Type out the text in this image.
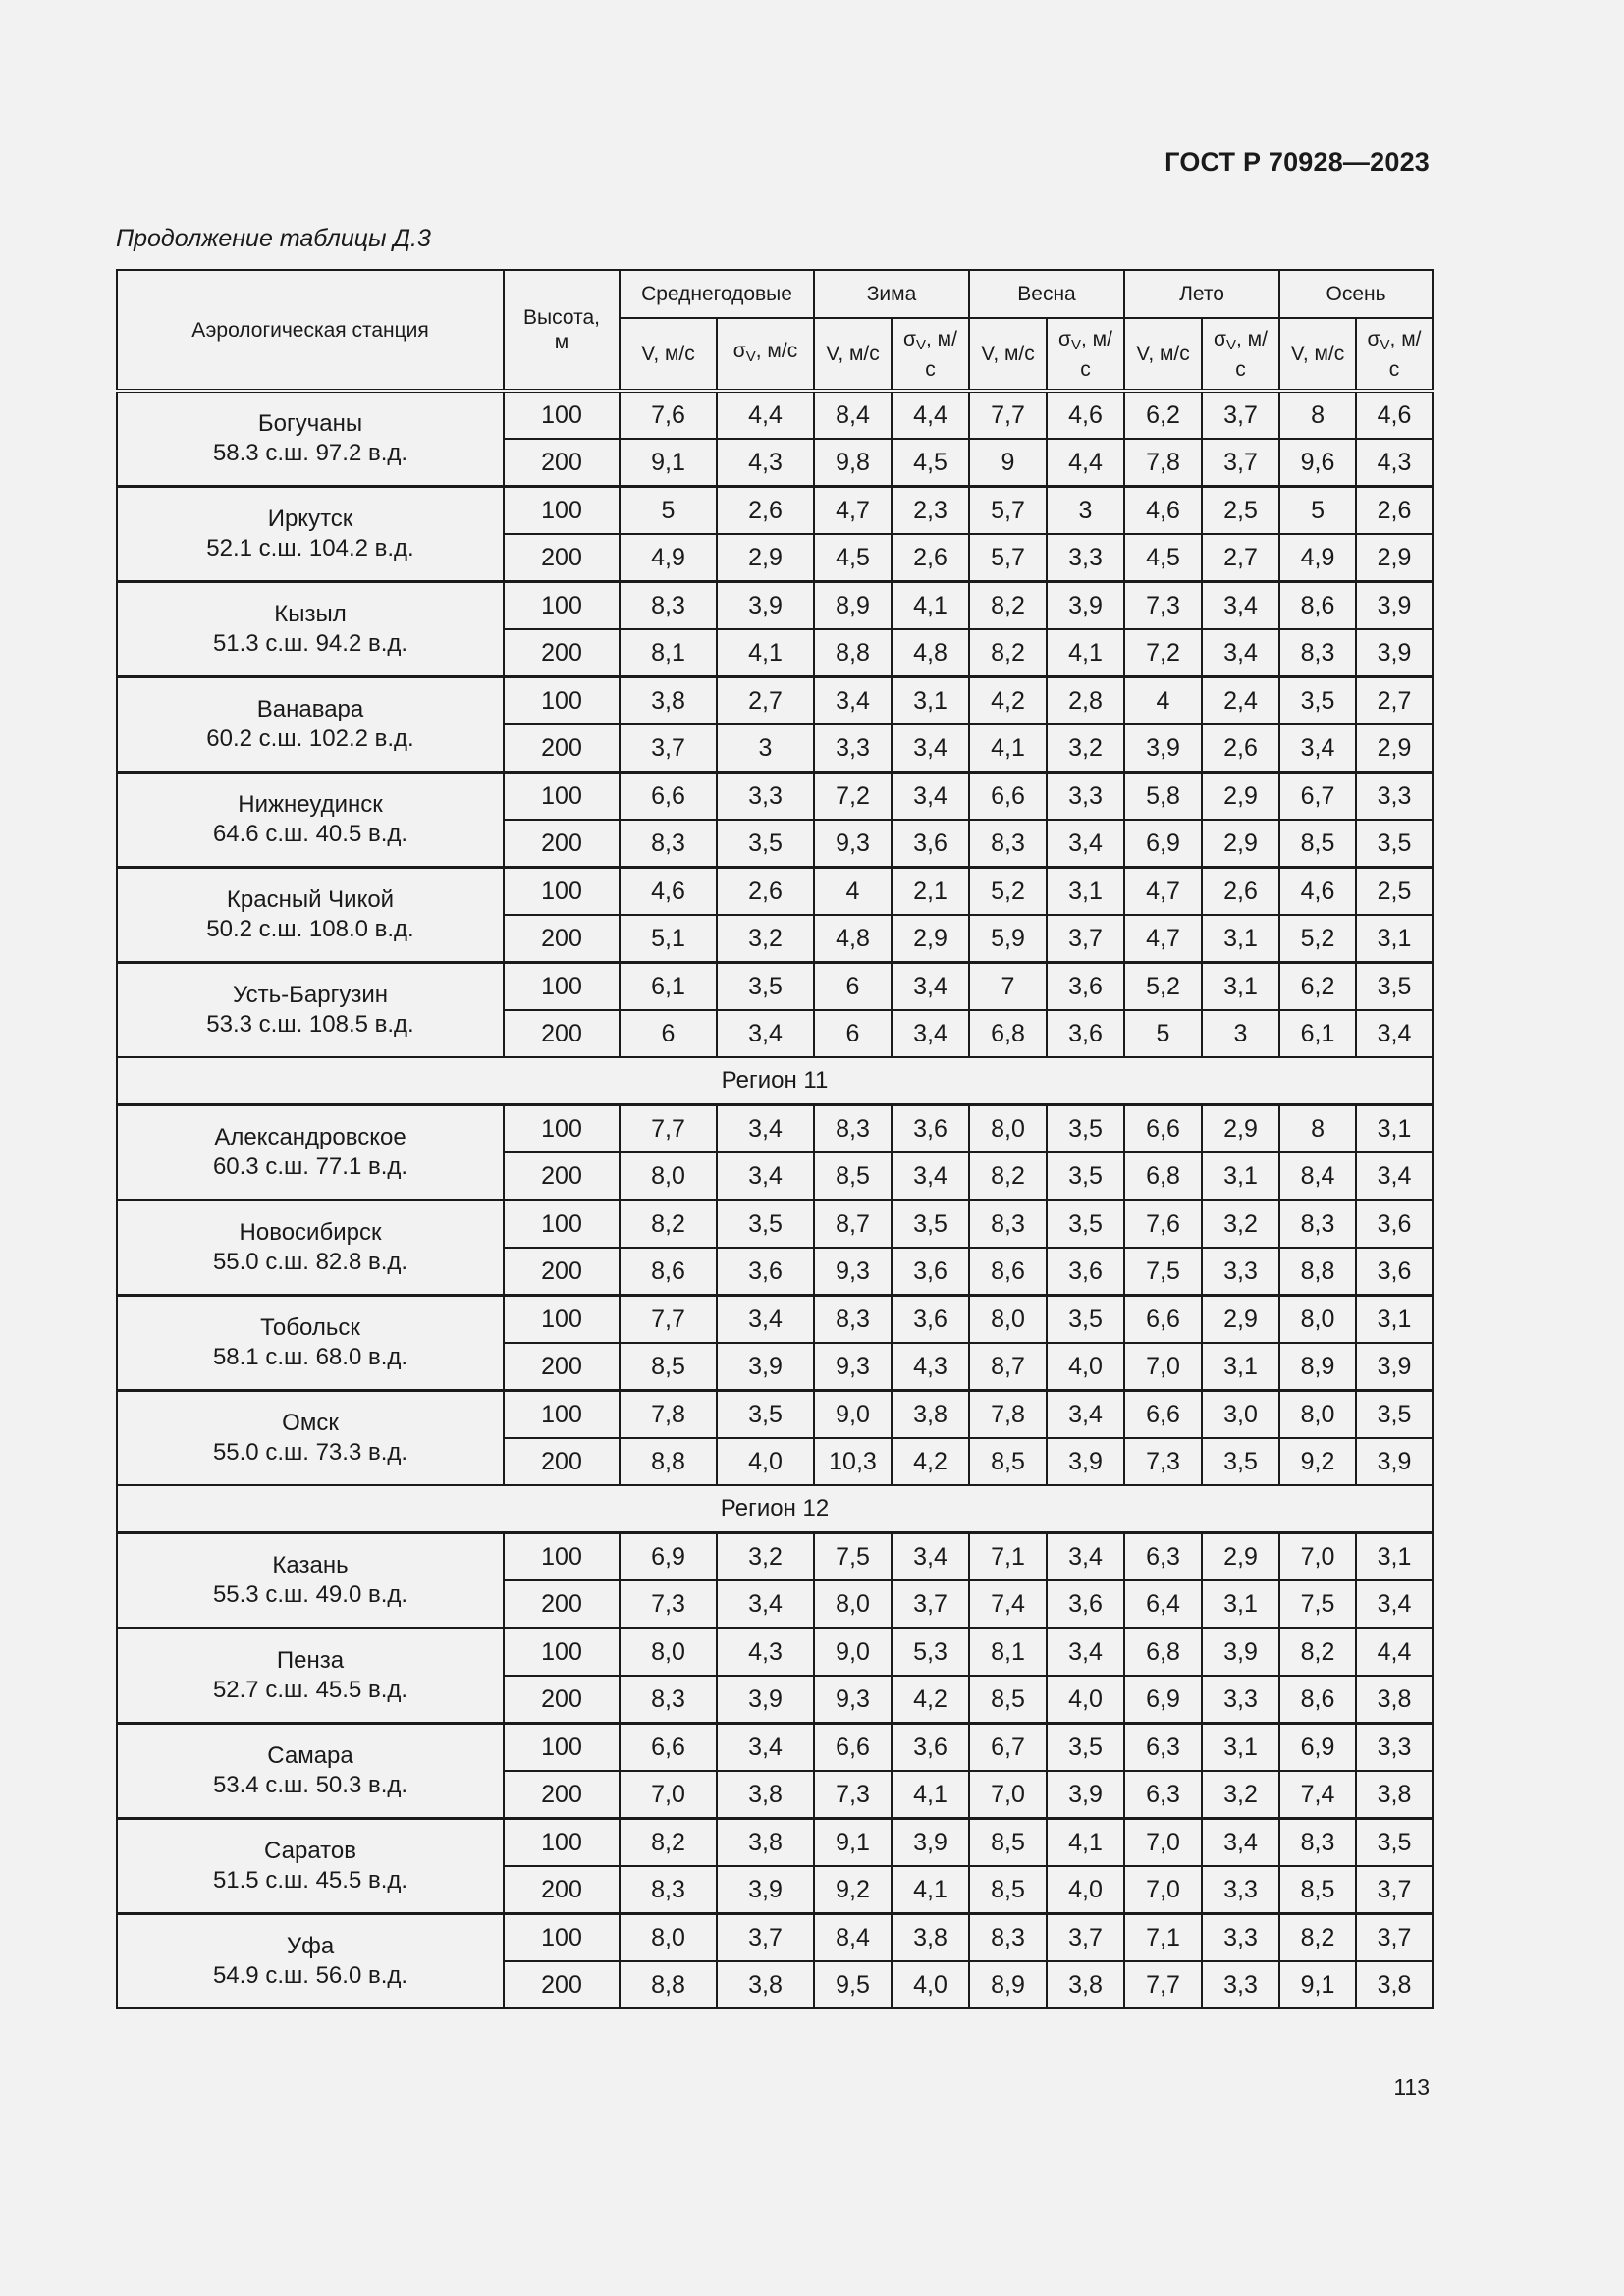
ГОСТ Р 70928—2023
Продолжение таблицы Д.3
Аэрологическая станция	Высота, м	Среднегодовые		Зима		Весна		Лето		Осень	
		V, м/с	$\sigma_V$, м/с	V, м/с	$\sigma_V$, м/с	V, м/с	$\sigma_V$, м/с	V, м/с	$\sigma_V$, м/с	V, м/с	$\sigma_V$, м/с

Богучаны
58.3 с.ш. 97.2 в.д.	100	7,6	4,4	8,4	4,4	7,7	4,6	6,2	3,7	8	4,6
	200	9,1	4,3	9,8	4,5	9	4,4	7,8	3,7	9,6	4,3

Иркутск
52.1 с.ш. 104.2 в.д.	100	5	2,6	4,7	2,3	5,7	3	4,6	2,5	5	2,6
	200	4,9	2,9	4,5	2,6	5,7	3,3	4,5	2,7	4,9	2,9

Кызыл
51.3 с.ш. 94.2 в.д.	100	8,3	3,9	8,9	4,1	8,2	3,9	7,3	3,4	8,6	3,9
	200	8,1	4,1	8,8	4,8	8,2	4,1	7,2	3,4	8,3	3,9

Ванавара
60.2 с.ш. 102.2 в.д.	100	3,8	2,7	3,4	3,1	4,2	2,8	4	2,4	3,5	2,7
	200	3,7	3	3,3	3,4	4,1	3,2	3,9	2,6	3,4	2,9

Нижнеудинск
64.6 с.ш. 40.5 в.д.	100	6,6	3,3	7,2	3,4	6,6	3,3	5,8	2,9	6,7	3,3
	200	8,3	3,5	9,3	3,6	8,3	3,4	6,9	2,9	8,5	3,5

Красный Чикой
50.2 с.ш. 108.0 в.д.	100	4,6	2,6	4	2,1	5,2	3,1	4,7	2,6	4,6	2,5
	200	5,1	3,2	4,8	2,9	5,9	3,7	4,7	3,1	5,2	3,1

Усть-Баргузин
53.3 с.ш. 108.5 в.д.	100	6,1	3,5	6	3,4	7	3,6	5,2	3,1	6,2	3,5
	200	6	3,4	6	3,4	6,8	3,6	5	3	6,1	3,4
Регион 11											

Александровское
60.3 с.ш. 77.1 в.д.	100	7,7	3,4	8,3	3,6	8,0	3,5	6,6	2,9	8	3,1
	200	8,0	3,4	8,5	3,4	8,2	3,5	6,8	3,1	8,4	3,4

Новосибирск
55.0 с.ш. 82.8 в.д.	100	8,2	3,5	8,7	3,5	8,3	3,5	7,6	3,2	8,3	3,6
	200	8,6	3,6	9,3	3,6	8,6	3,6	7,5	3,3	8,8	3,6

Тобольск
58.1 с.ш. 68.0 в.д.	100	7,7	3,4	8,3	3,6	8,0	3,5	6,6	2,9	8,0	3,1
	200	8,5	3,9	9,3	4,3	8,7	4,0	7,0	3,1	8,9	3,9

Омск
55.0 с.ш. 73.3 в.д.	100	7,8	3,5	9,0	3,8	7,8	3,4	6,6	3,0	8,0	3,5
	200	8,8	4,0	10,3	4,2	8,5	3,9	7,3	3,5	9,2	3,9
Регион 12											

Казань
55.3 с.ш. 49.0 в.д.	100	6,9	3,2	7,5	3,4	7,1	3,4	6,3	2,9	7,0	3,1
	200	7,3	3,4	8,0	3,7	7,4	3,6	6,4	3,1	7,5	3,4

Пенза
52.7 с.ш. 45.5 в.д.	100	8,0	4,3	9,0	5,3	8,1	3,4	6,8	3,9	8,2	4,4
	200	8,3	3,9	9,3	4,2	8,5	4,0	6,9	3,3	8,6	3,8

Самара
53.4 с.ш. 50.3 в.д.	100	6,6	3,4	6,6	3,6	6,7	3,5	6,3	3,1	6,9	3,3
	200	7,0	3,8	7,3	4,1	7,0	3,9	6,3	3,2	7,4	3,8

Саратов
51.5 с.ш. 45.5 в.д.	100	8,2	3,8	9,1	3,9	8,5	4,1	7,0	3,4	8,3	3,5
	200	8,3	3,9	9,2	4,1	8,5	4,0	7,0	3,3	8,5	3,7

Уфа
54.9 с.ш. 56.0 в.д.	100	8,0	3,7	8,4	3,8	8,3	3,7	7,1	3,3	8,2	3,7
	200	8,8	3,8	9,5	4,0	8,9	3,8	7,7	3,3	9,1	3,8
113
